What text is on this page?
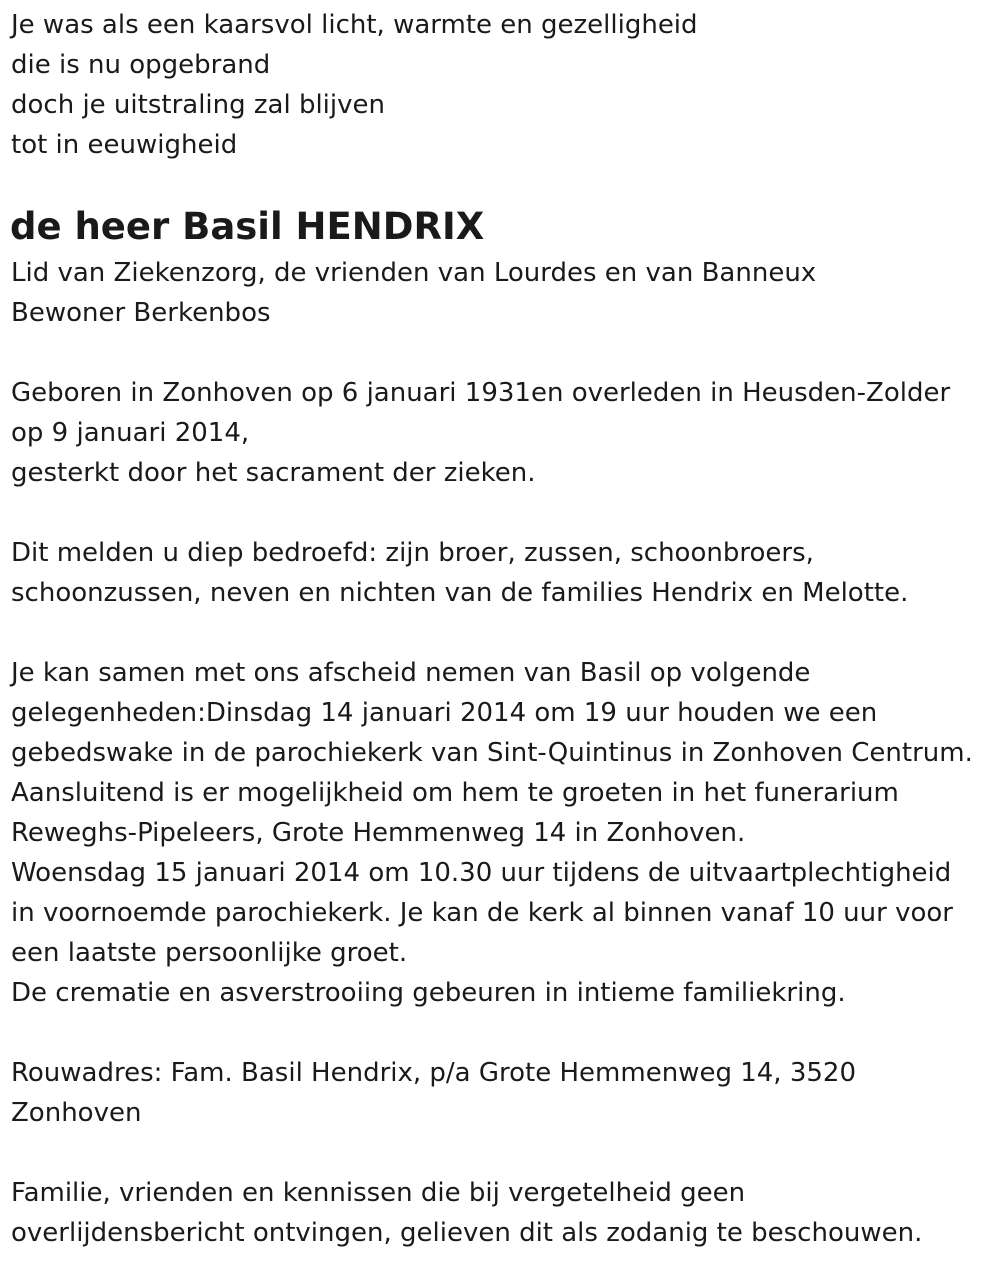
Je was als een kaarsvol licht, warmte en gezelligheid
die is nu opgebrand
doch je uitstraling zal blijven
tot in eeuwigheid
de heer Basil HENDRIX
Lid van Ziekenzorg, de vrienden van Lourdes en van Banneux
Bewoner Berkenbos
Geboren in Zonhoven op 6 januari 1931en overleden in Heusden-Zolder
op 9 januari 2014,
gesterkt door het sacrament der zieken.
Dit melden u diep bedroefd: zijn broer, zussen, schoonbroers,
schoonzussen, neven en nichten van de families Hendrix en Melotte.
Je kan samen met ons afscheid nemen van Basil op volgende
gelegenheden:Dinsdag 14 januari 2014 om 19 uur houden we een
gebedswake in de parochiekerk van Sint-Quintinus in Zonhoven Centrum.
Aansluitend is er mogelijkheid om hem te groeten in het funerarium
Reweghs-Pipeleers, Grote Hemmenweg 14 in Zonhoven.
Woensdag 15 januari 2014 om 10.30 uur tijdens de uitvaartplechtigheid
in voornoemde parochiekerk. Je kan de kerk al binnen vanaf 10 uur voor
een laatste persoonlijke groet.
De crematie en asverstrooiing gebeuren in intieme familiekring.
Rouwadres: Fam. Basil Hendrix, p/a Grote Hemmenweg 14, 3520
Zonhoven
Familie, vrienden en kennissen die bij vergetelheid geen
overlijdensbericht ontvingen, gelieven dit als zodanig te beschouwen.
